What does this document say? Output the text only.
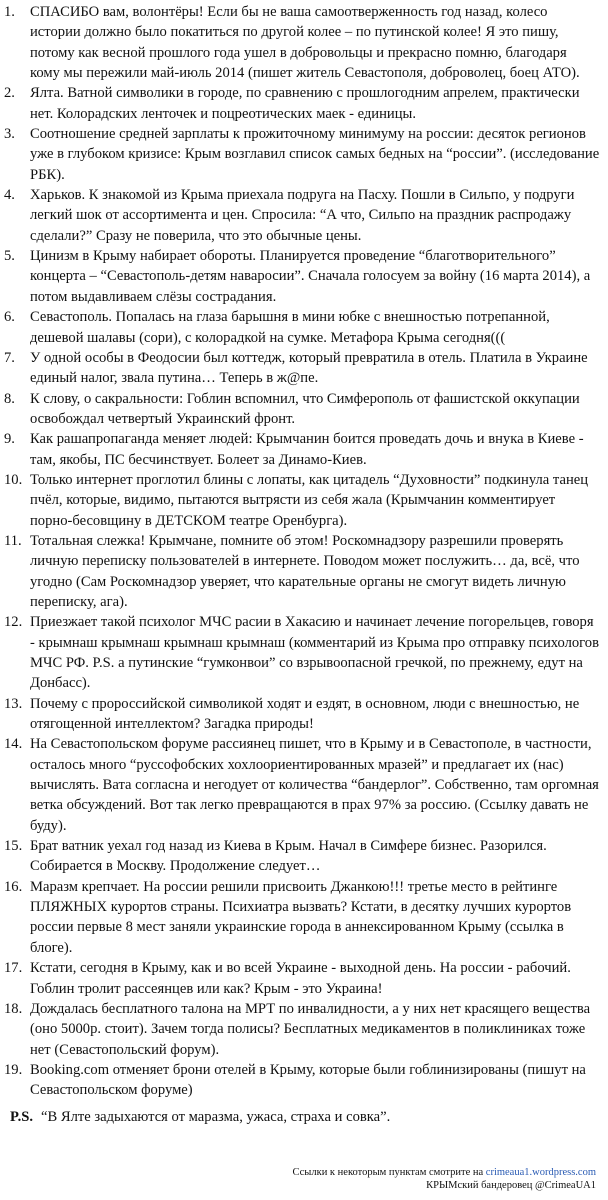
1.	СПАСИБО вам, волонтёры! Если бы не ваша самоотверженность год назад, колесо истории должно было покатиться по другой колее – по путинской колее! Я это пишу, потому как весной прошлого года ушел в добровольцы и прекрасно помню, благодаря кому мы пережили май-июль 2014 (пишет житель Севастополя, доброволец, боец АТО).
2.	Ялта. Ватной символики в городе, по сравнению с прошлогодним апрелем, практически нет. Колорадских ленточек и поцреотических маек - единицы.
3.	Соотношение средней зарплаты к прожиточному минимуму на россии: десяток регионов уже в глубоком кризисе: Крым возглавил список самых бедных на “россии”. (исследование РБК).
4.	Харьков. К знакомой из Крыма приехала подруга на Пасху. Пошли в Сильпо, у подруги легкий шок от ассортимента и цен. Спросила: “А что, Сильпо на праздник распродажу сделали?” Сразу не поверила, что это обычные цены.
5.	Цинизм в Крыму набирает обороты. Планируется проведение “благотворительного” концерта – “Севастополь-детям наваросии”. Сначала голосуем за войну (16 марта 2014), а потом выдавливаем слёзы сострадания.
6.	Севастополь. Попалась на глаза барышня в мини юбке с внешностью потрепанной, дешевой шалавы (сори), с колорадкой на сумке. Метафора Крыма сегодня(((
7.	У одной особы в Феодосии был коттедж, который превратила в отель. Платила в Украине единый налог, звала путина… Теперь в ж@пе.
8.	К слову, о сакральности: Гоблин вспомнил, что Симферополь от фашистской оккупации освобождал четвертый Украинский фронт.
9.	Как рашапропаганда меняет людей: Крымчанин боится проведать дочь и внука в Киеве - там, якобы, ПС бесчинствует. Болеет за Динамо-Киев.
10. Только интернет проглотил блины с лопаты, как цитадель “Духовности” подкинула танец пчёл, которые, видимо, пытаются вытрясти из себя жала (Крымчанин комментирует порно-бесовщину в ДЕТСКОМ театре Оренбурга).
11. Тотальная слежка! Крымчане, помните об этом! Роскомнадзору разрешили проверять личную переписку пользователей в интернете. Поводом может послужить… да, всё, что угодно (Сам Роскомнадзор уверяет, что карательные органы не смогут видеть личную переписку, ага).
12. Приезжает такой психолог МЧС расии в Хакасию и начинает лечение погорельцев, говоря - крымнаш крымнаш крымнаш крымнаш (комментарий из Крыма про отправку психологов МЧС РФ. P.S. а путинские “гумконвои” со взрывоопасной гречкой, по прежнему, едут на Донбасс).
13. Почему с пророссийской символикой ходят и ездят, в основном, люди с внешностью, не отягощенной интеллектом? Загадка природы!
14. На Севастопольском форуме рассиянец пишет, что в Крыму и в Севастополе, в частности, осталось много “руссофобских хохлоориентированных мразей” и предлагает их (нас) вычислять. Вата согласна и негодует от количества “бандерлог”. Собственно, там оргомная ветка обсуждений. Вот так легко превращаются в прах 97% за россию. (Ссылку давать не буду).
15. Брат ватник уехал год назад из Киева в Крым. Начал в Симфере бизнес. Разорился. Собирается в Москву. Продолжение следует…
16. Маразм крепчает. На россии решили присвоить Джанкою!!! третье место в рейтинге ПЛЯЖНЫХ курортов страны. Психиатра вызвать? Кстати, в десятку лучших курортов россии первые 8 мест заняли украинские города в аннексированном Крыму (ссылка в блоге).
17. Кстати, сегодня в Крыму, как и во всей Украине - выходной день. На россии - рабочий. Гоблин тролит рассеянцев или как? Крым - это Украина!
18. Дождалась бесплатного талона на МРТ по инвалидности, а у них нет красящего вещества (оно 5000р. стоит). Зачем тогда полисы? Бесплатных медикаментов в поликлиниках тоже нет (Севастопольский форум).
19. Booking.com отменяет брони отелей в Крыму, которые были гоблинизированы (пишут на Севастопольском форуме)
P.S. “В Ялте задыхаются от маразма, ужаса, страха и совка”.
Ссылки к некоторым пунктам смотрите на crimeaua1.wordpress.com
КРЫМский бандеровец @CrimeaUA1
